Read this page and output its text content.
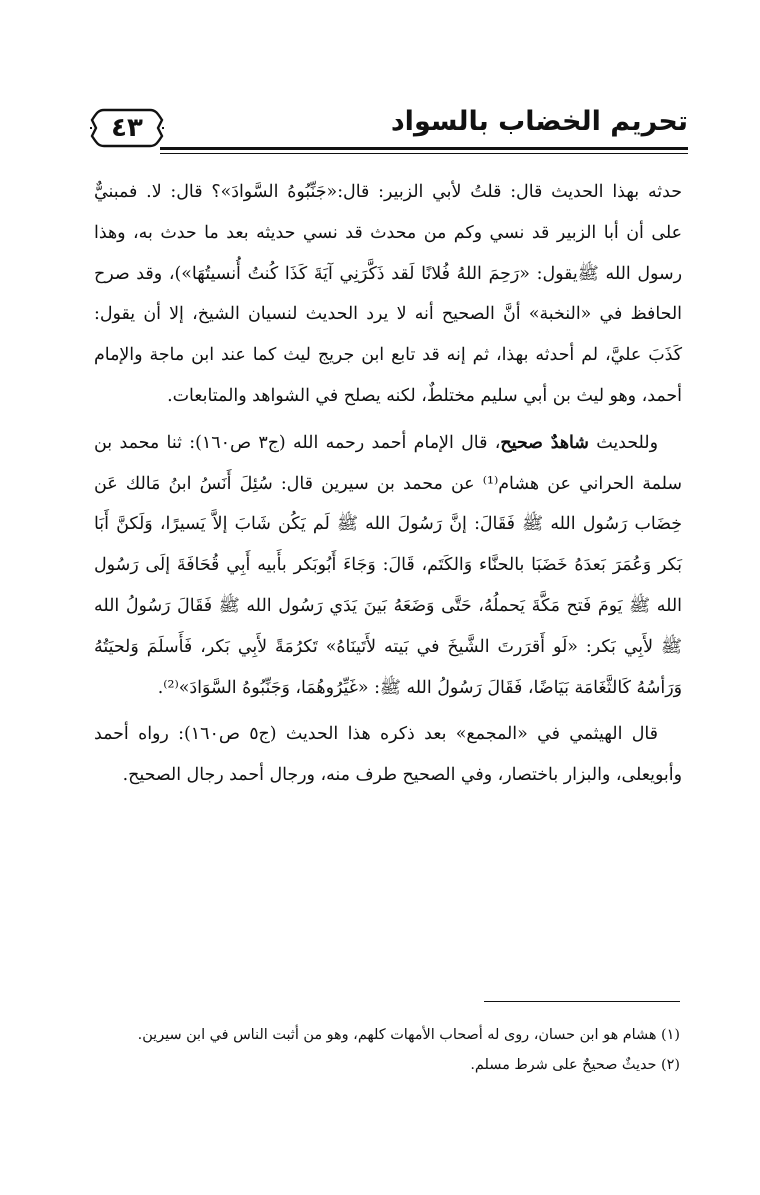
تحريم الخضاب بالسواد
٤٣

حدثه بهذا الحديث قال: قلتُ لأبي الزبير: قال:«جَنِّبُوهُ السَّوادَ»؟ قال: لا. فمبنيٌّ على أن أبا الزبير قد نسي وكم من محدث قد نسي حديثه بعد ما حدث به، وهذا رسول الله ﷺيقول: «رَحِمَ اللهُ فُلانًا لَقد ذَكَّرَنِي آيَةَ كَذَا كُنتُ أُنسيتُهَا»)، وقد صرح الحافظ في «النخبة» أنَّ الصحيح أنه لا يرد الحديث لنسيان الشيخ، إلا أن يقول: كَذَبَ عليَّ، لم أحدثه بهذا، ثم إنه قد تابع ابن جريج ليث كما عند ابن ماجة والإمام أحمد، وهو ليث بن أبي سليم مختلطٌ، لكنه يصلح في الشواهد والمتابعات.

وللحديث شاهدٌ صحيح، قال الإمام أحمد رحمه الله (ج٣ ص١٦٠): ثنا محمد بن سلمة الحراني عن هشام⁽¹⁾ عن محمد بن سيرين قال: سُئِلَ أَنَسُ ابنُ مَالك عَن خِضَاب رَسُول الله ﷺ فَقَالَ: إنَّ رَسُولَ الله ﷺ لَم يَكُن شَابَ إلاَّ يَسيرًا، وَلَكنَّ أَبَا بَكر وَعُمَرَ بَعدَهُ خَضَبَا بالحنَّاء وَالكَتَم، قَالَ: وَجَاءَ أَبُوبَكر بأَبيه أَبِي قُحَافَةَ إلَى رَسُول الله ﷺ يَومَ فَتح مَكَّةَ يَحملُهُ، حَتَّى وَضَعَهُ بَينَ يَدَي رَسُول الله ﷺ فَقَالَ رَسُولُ الله ﷺ لأَبِي بَكر: «لَو أَقرَرتَ الشَّيخَ في بَيته لأَتَينَاهُ» تَكرُمَةً لأَبِي بَكر، فَأَسلَمَ وَلحيَتُهُ وَرَأسُهُ كَالثَّغَامَة بَيَاضًا، فَقَالَ رَسُولُ الله ﷺ: «غَيِّرُوهُمَا، وَجَنِّبُوهُ السَّوَادَ»⁽²⁾.

قال الهيثمي في «المجمع» بعد ذكره هذا الحديث (ج٥ ص١٦٠): رواه أحمد وأبويعلى، والبزار باختصار، وفي الصحيح طرف منه، ورجال أحمد رجال الصحيح.

(١) هشام هو ابن حسان، روى له أصحاب الأمهات كلهم، وهو من أثبت الناس في ابن سيرين.

(٢) حديثٌ صحيحٌ على شرط مسلم.
